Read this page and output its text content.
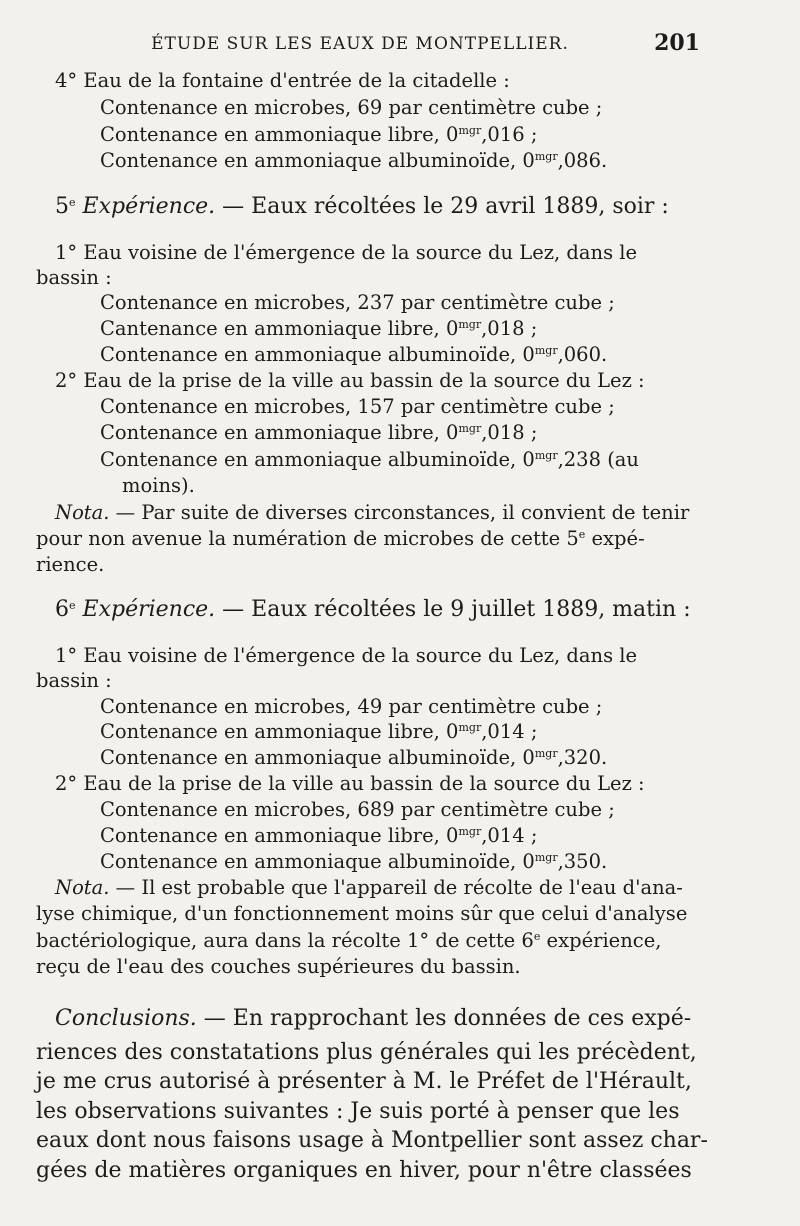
ÉTUDE SUR LES EAUX DE MONTPELLIER.	201
4° Eau de la fontaine d'entrée de la citadelle :
Contenance en microbes, 69 par centimètre cube ;
Contenance en ammoniaque libre, $0^{mgr},016$ ;
Contenance en ammoniaque albuminoïde, $0^{mgr},086$.
5e Expérience. — Eaux récoltées le 29 avril 1889, soir :
1° Eau voisine de l'émergence de la source du Lez, dans le
bassin :
Contenance en microbes, 237 par centimètre cube ;
Cantenance en ammoniaque libre, $0^{mgr},018$ ;
Contenance en ammoniaque albuminoïde, $0^{mgr},060$.
2° Eau de la prise de la ville au bassin de la source du Lez :
Contenance en microbes, 157 par centimètre cube ;
Contenance en ammoniaque libre, $0^{mgr},018$ ;
Contenance en ammoniaque albuminoïde, $0^{mgr},238$ (au
moins).
Nota. — Par suite de diverses circonstances, il convient de tenir
pour non avenue la numération de microbes de cette 5e expé-
rience.
6e Expérience. — Eaux récoltées le 9 juillet 1889, matin :
1° Eau voisine de l'émergence de la source du Lez, dans le
bassin :
Contenance en microbes, 49 par centimètre cube ;
Contenance en ammoniaque libre, $0^{mgr},014$ ;
Contenance en ammoniaque albuminoïde, $0^{mgr},320$.
2° Eau de la prise de la ville au bassin de la source du Lez :
Contenance en microbes, 689 par centimètre cube ;
Contenance en ammoniaque libre, $0^{mgr},014$ ;
Contenance en ammoniaque albuminoïde, $0^{mgr},350$.
Nota. — Il est probable que l'appareil de récolte de l'eau d'ana-
lyse chimique, d'un fonctionnement moins sûr que celui d'analyse
bactériologique, aura dans la récolte 1° de cette 6e expérience,
reçu de l'eau des couches supérieures du bassin.
Conclusions. — En rapprochant les données de ces expé-
riences des constatations plus générales qui les précèdent,
je me crus autorisé à présenter à M. le Préfet de l'Hérault,
les observations suivantes : Je suis porté à penser que les
eaux dont nous faisons usage à Montpellier sont assez char-
gées de matières organiques en hiver, pour n'être classées
